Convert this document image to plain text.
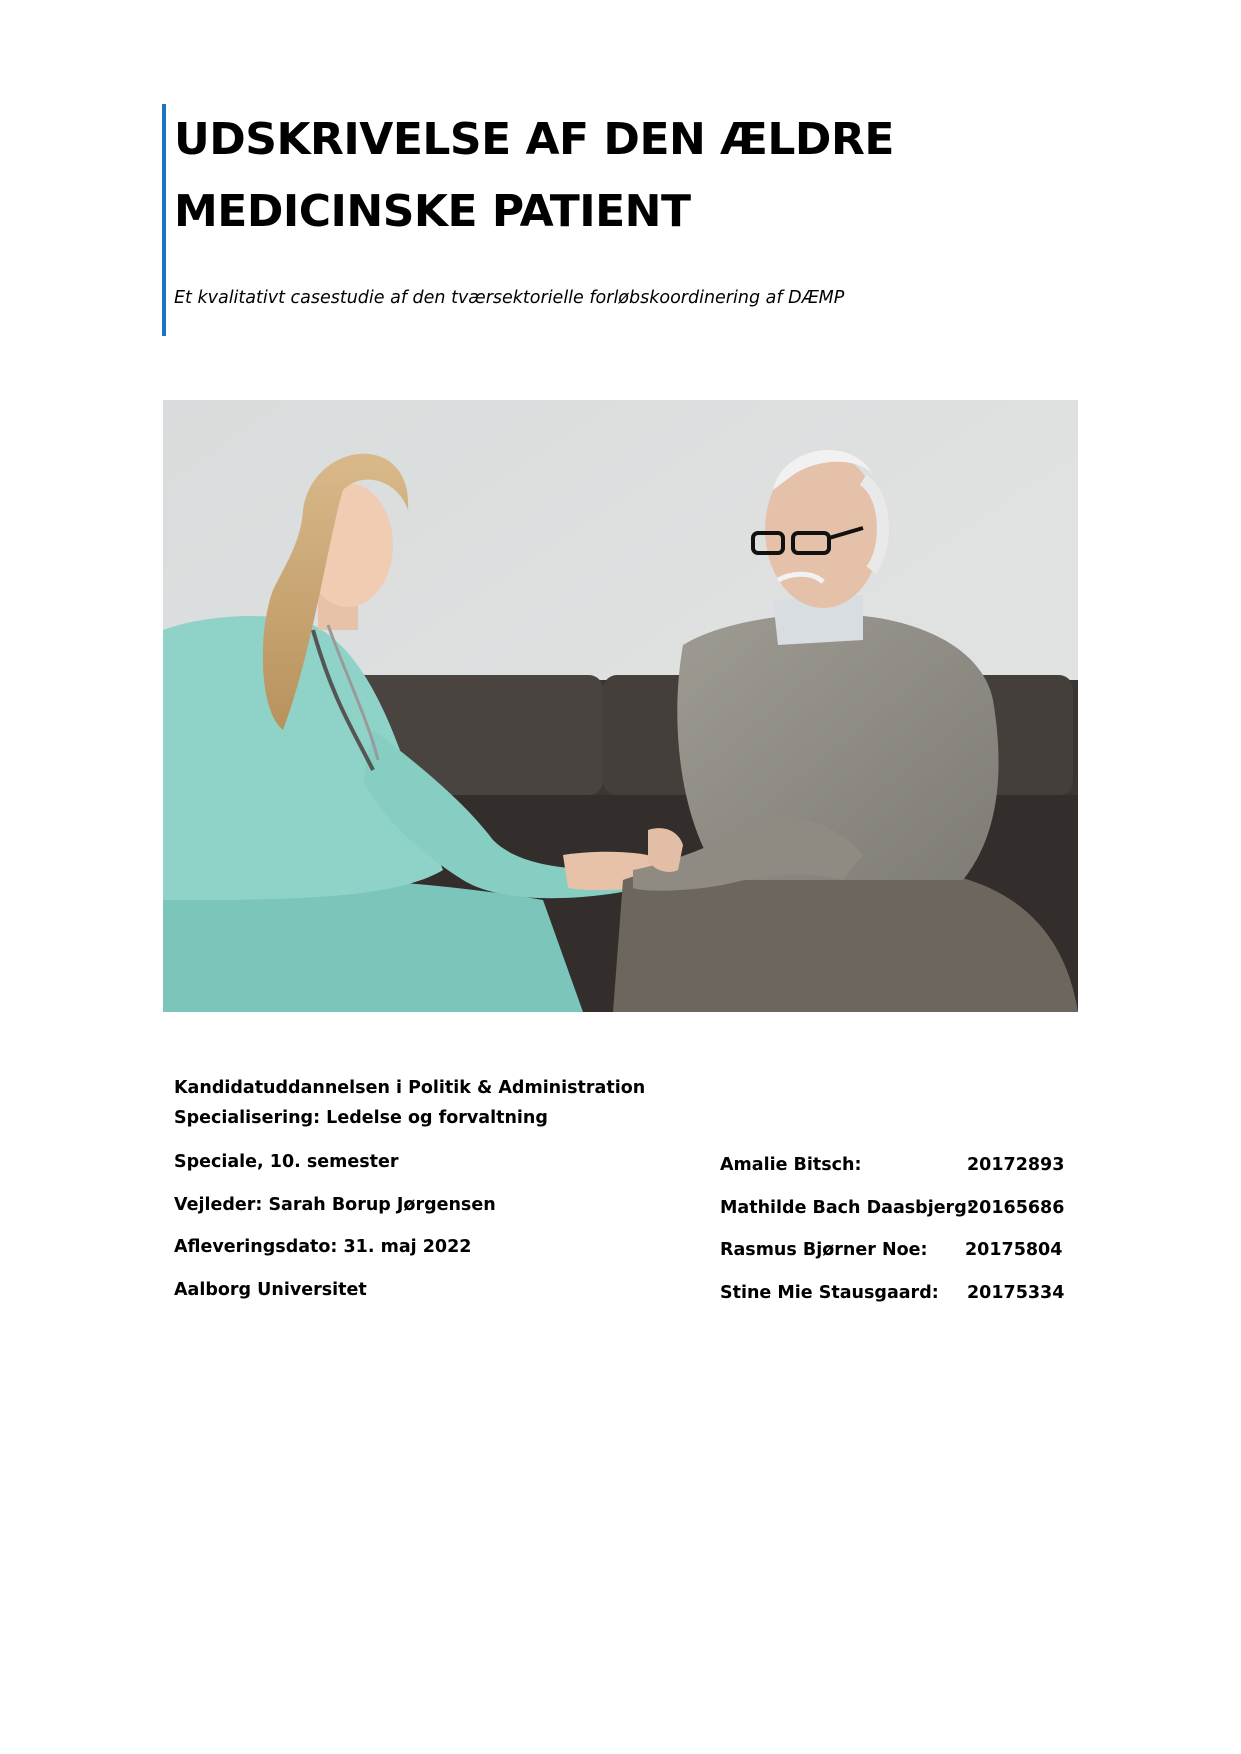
UDSKRIVELSE AF DEN ÆLDRE
MEDICINSKE PATIENT
Et kvalitativt casestudie af den tværsektorielle forløbskoordinering af DÆMP
Kandidatuddannelsen i Politik & Administration
Specialisering: Ledelse og forvaltning
Speciale, 10. semester
Vejleder: Sarah Borup Jørgensen
Afleveringsdato: 31. maj 2022
Aalborg Universitet
Amalie Bitsch:	20172893
Mathilde Bach Daasbjerg:
20165686
Rasmus Bjørner Noe: 20175804
Stine Mie Stausgaard: 20175334
